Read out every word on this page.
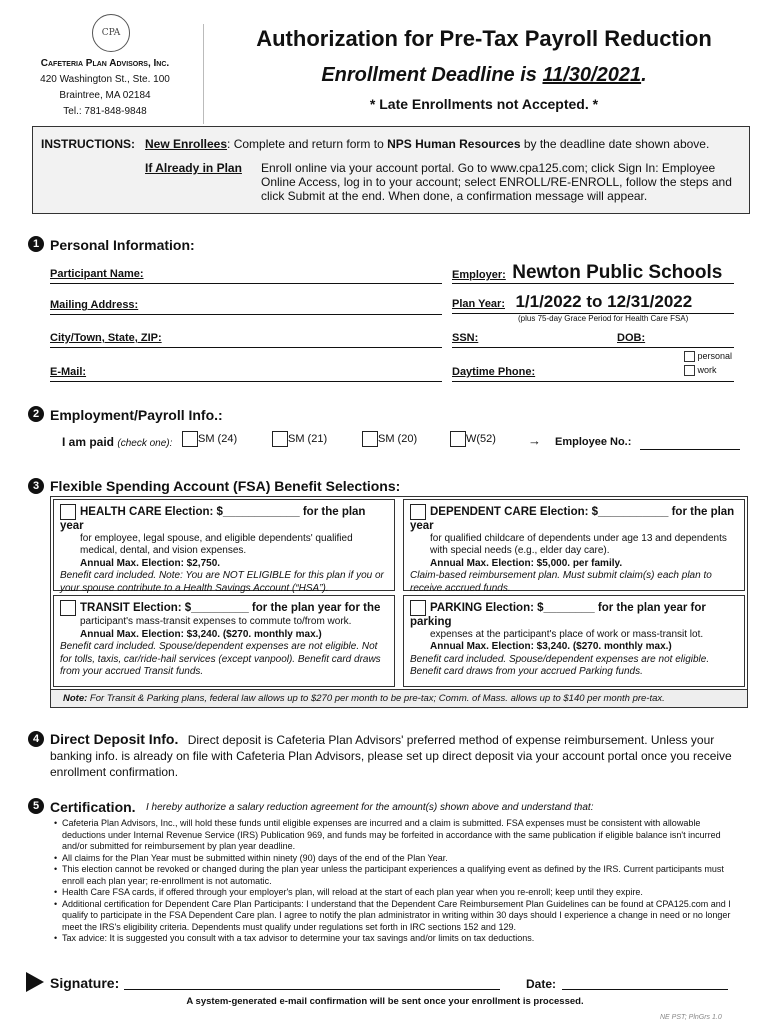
CPA
Cafeteria Plan Advisors, Inc.
420 Washington St., Ste. 100
Braintree, MA 02184
Tel.: 781-848-9848
Authorization for Pre-Tax Payroll Reduction
Enrollment Deadline is 11/30/2021.
* Late Enrollments not Accepted. *
INSTRUCTIONS: New Enrollees: Complete and return form to NPS Human Resources by the deadline date shown above.
If Already in Plan Enroll online via your account portal. Go to www.cpa125.com; click Sign In: Employee Online Access, log in to your account; select ENROLL/RE-ENROLL, follow the steps and click Submit at the end. When done, a confirmation message will appear.
1 Personal Information:
Participant Name:
Mailing Address:
City/Town, State, ZIP:
E-Mail:
Employer: Newton Public Schools
Plan Year: 1/1/2022 to 12/31/2022
(plus 75-day Grace Period for Health Care FSA)
SSN:	DOB:
Daytime Phone:
personal
work
2 Employment/Payroll Info.:
I am paid (check one):	SM (24)	SM (21)	SM (20)	W(52) → Employee No.:
3 Flexible Spending Account (FSA) Benefit Selections:
HEALTH CARE Election: $____________ for the plan year
for employee, legal spouse, and eligible dependents' qualified medical, dental, and vision expenses.
Annual Max. Election: $2,750.
Benefit card included. Note: You are NOT ELIGIBLE for this plan if you or your spouse contribute to a Health Savings Account (“HSA”).
DEPENDENT CARE Election: $___________ for the plan year
for qualified childcare of dependents under age 13 and dependents with special needs (e.g., elder day care).
Annual Max. Election: $5,000. per family.
Claim-based reimbursement plan. Must submit claim(s) each plan to receive accrued funds.
TRANSIT Election: $_________ for the plan year for the
participant's mass-transit expenses to commute to/from work.
Annual Max. Election: $3,240. ($270. monthly max.)
Benefit card included. Spouse/dependent expenses are not eligible. Not for tolls, taxis, car/ride-hail services (except vanpool). Benefit card draws from your accrued Transit funds.
PARKING Election: $________ for the plan year for parking
expenses at the participant's place of work or mass-transit lot.
Annual Max. Election: $3,240. ($270. monthly max.)
Benefit card included. Spouse/dependent expenses are not eligible. Benefit card draws from your accrued Parking funds.
Note: For Transit & Parking plans, federal law allows up to $270 per month to be pre-tax; Comm. of Mass. allows up to $140 per month pre-tax.
4 Direct Deposit Info. Direct deposit is Cafeteria Plan Advisors' preferred method of expense reimbursement. Unless your banking info. is already on file with Cafeteria Plan Advisors, please set up direct deposit via your account portal once you receive enrollment confirmation.
5 Certification. I hereby authorize a salary reduction agreement for the amount(s) shown above and understand that:
• Cafeteria Plan Advisors, Inc., will hold these funds until eligible expenses are incurred and a claim is submitted. FSA expenses must be consistent with allowable deductions under Internal Revenue Service (IRS) Publication 969, and funds may be forfeited in accordance with the same publication if eligible balance isn't incurred and/or submitted for reimbursement by plan year deadline.
• All claims for the Plan Year must be submitted within ninety (90) days of the end of the Plan Year.
• This election cannot be revoked or changed during the plan year unless the participant experiences a qualifying event as defined by the IRS. Current participants must enroll each plan year; re-enrollment is not automatic.
• Health Care FSA cards, if offered through your employer's plan, will reload at the start of each plan year when you re-enroll; keep until they expire.
• Additional certification for Dependent Care Plan Participants: I understand that the Dependent Care Reimbursement Plan Guidelines can be found at CPA125.com and I qualify to participate in the FSA Dependent Care plan. I agree to notify the plan administrator in writing within 30 days should I experience a change in need or no longer meet the IRS's eligibility criteria. Dependents must qualify under regulations set forth in IRC sections 152 and 129.
• Tax advice: It is suggested you consult with a tax advisor to determine your tax savings and/or limits on tax deductions.
Signature:	Date:
A system-generated e-mail confirmation will be sent once your enrollment is processed.
NE PST; PlnGrs 1.0
